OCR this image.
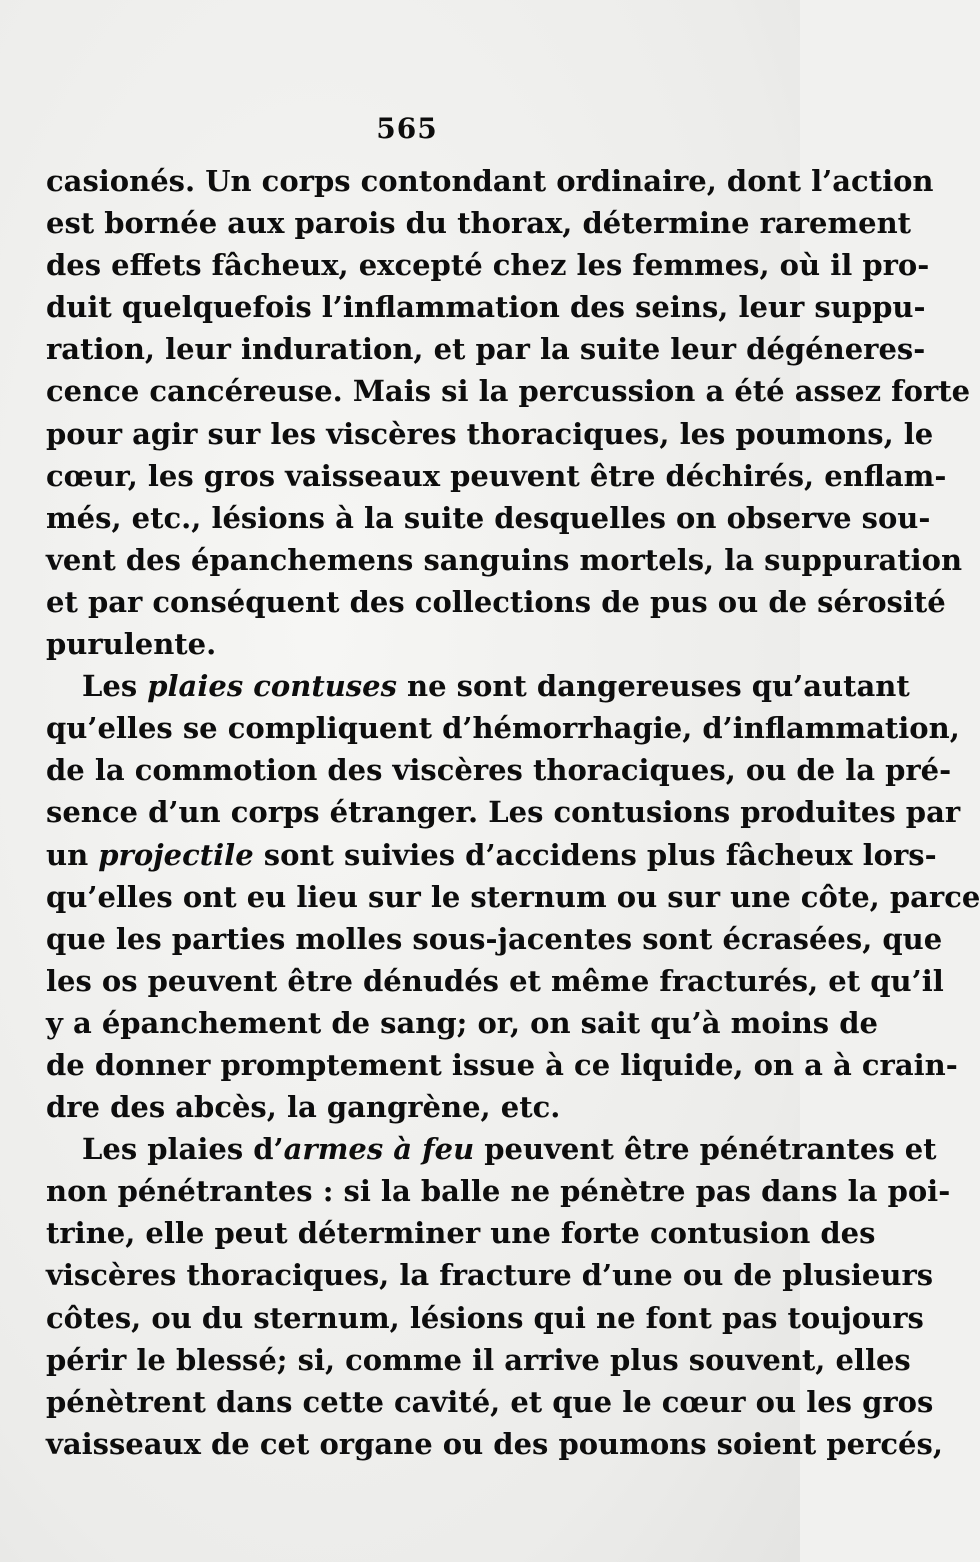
565
casionés. Un corps contondant ordinaire, dont l’action
est bornée aux parois du thorax, détermine rarement
des effets fâcheux, excepté chez les femmes, où il pro-
duit quelquefois l’inflammation des seins, leur suppu-
ration, leur induration, et par la suite leur dégéneres-
cence cancéreuse. Mais si la percussion a été assez forte
pour agir sur les viscères thoraciques, les poumons, le
cœur, les gros vaisseaux peuvent être déchirés, enflam-
més, etc., lésions à la suite desquelles on observe sou-
vent des épanchemens sanguins mortels, la suppuration
et par conséquent des collections de pus ou de sérosité
purulente.
Les plaies contuses ne sont dangereuses qu’autant
qu’elles se compliquent d’hémorrhagie, d’inflammation,
de la commotion des viscères thoraciques, ou de la pré-
sence d’un corps étranger. Les contusions produites par
un projectile sont suivies d’accidens plus fâcheux lors-
qu’elles ont eu lieu sur le sternum ou sur une côte, parce
que les parties molles sous-jacentes sont écrasées, que
les os peuvent être dénudés et même fracturés, et qu’il
y a épanchement de sang; or, on sait qu’à moins de
de donner promptement issue à ce liquide, on a à crain-
dre des abcès, la gangrène, etc.
Les plaies d’armes à feu peuvent être pénétrantes et
non pénétrantes : si la balle ne pénètre pas dans la poi-
trine, elle peut déterminer une forte contusion des
viscères thoraciques, la fracture d’une ou de plusieurs
côtes, ou du sternum, lésions qui ne font pas toujours
périr le blessé; si, comme il arrive plus souvent, elles
pénètrent dans cette cavité, et que le cœur ou les gros
vaisseaux de cet organe ou des poumons soient percés,
